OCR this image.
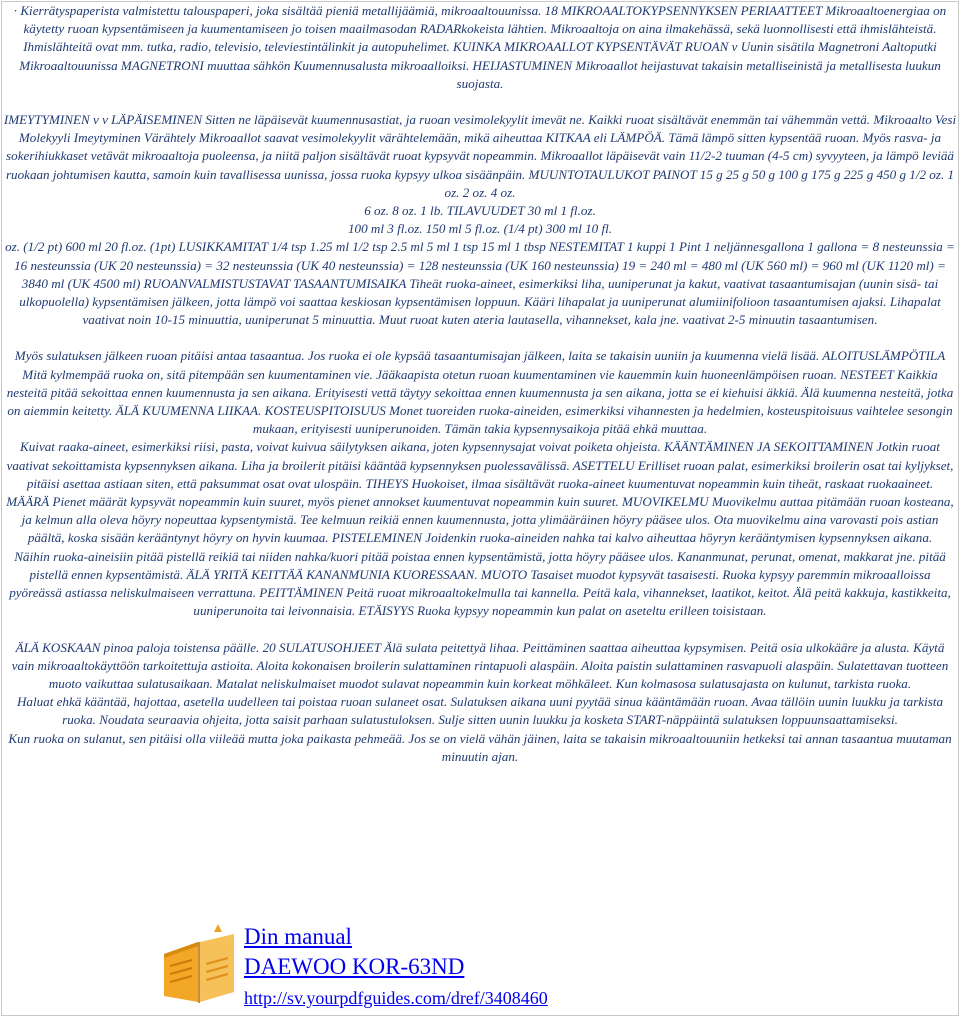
· Kierrätyspaperista valmistettu talouspaperi, joka sisältää pieniä metallijäämiä, mikroaaltouunissa. 18 MIKROAALTOKYPSENNYKSEN PERIAATTEET Mikroaaltoenergiaa on käytetty ruoan kypsentämiseen ja kuumentamiseen jo toisen maailmasodan RADARkokeista lähtien. Mikroaaltoja on aina ilmakehässä, sekä luonnollisesti että ihmislähteistä. Ihmislähteitä ovat mm. tutka, radio, televisio, televiestintälinkit ja autopuhelimet. KUINKA MIKROAALLOT KYPSENTÄVÄT RUOAN v Uunin sisätila Magnetroni Aaltoputki Mikroaaltouunissa MAGNETRONI muuttaa sähkön Kuumennusalusta mikroaalloiksi. HEIJASTUMINEN Mikroaallot heijastuvat takaisin metalliseinistä ja metallisesta luukun suojasta.

IMEYTYMINEN v v LÄPÄISEMINEN Sitten ne läpäisevät kuumennusastiat, ja ruoan vesimolekyylit imevät ne. Kaikki ruoat sisältävät enemmän tai vähemmän vettä. Mikroaalto Vesi Molekyyli Imeytyminen Värähtely Mikroaallot saavat vesimolekyylit värähtelemään, mikä aiheuttaa KITKAA eli LÄMPÖÄ. Tämä lämpö sitten kypsentää ruoan. Myös rasva- ja sokerihiukkaset vetävät mikroaaltoja puoleensa, ja niitä paljon sisältävät ruoat kypsyvät nopeammin. Mikroaallot läpäisevät vain 11/2-2 tuuman (4-5 cm) syvyyteen, ja lämpö leviää ruokaan johtumisen kautta, samoin kuin tavallisessa uunissa, jossa ruoka kypsyy ulkoa sisäänpäin. MUUNTOTAULUKOT PAINOT 15 g 25 g 50 g 100 g 175 g 225 g 450 g 1/2 oz. 1 oz. 2 oz. 4 oz.

6 oz. 8 oz. 1 lb. TILAVUUDET 30 ml 1 fl.oz.

100 ml 3 fl.oz. 150 ml 5 fl.oz. (1/4 pt) 300 ml 10 fl.

oz. (1/2 pt) 600 ml 20 fl.oz. (1pt) LUSIKKAMITAT 1/4 tsp 1.25 ml 1/2 tsp 2.5 ml 5 ml 1 tsp 15 ml 1 tbsp NESTEMITAT 1 kuppi 1 Pint 1 neljännesgallona 1 gallona = 8 nesteunssia = 16 nesteunssia (UK 20 nesteunssia) = 32 nesteunssia (UK 40 nesteunssia) = 128 nesteunssia (UK 160 nesteunssia) 19 = 240 ml = 480 ml (UK 560 ml) = 960 ml (UK 1120 ml) = 3840 ml (UK 4500 ml) RUOANVALMISTUSTAVAT TASAANTUMISAIKA Tiheät ruoka-aineet, esimerkiksi liha, uuniperunat ja kakut, vaativat tasaantumisajan (uunin sisä- tai ulkopuolella) kypsentämisen jälkeen, jotta lämpö voi saattaa keskiosan kypsentämisen loppuun. Kääri lihapalat ja uuniperunat alumiinifolioon tasaantumisen ajaksi. Lihapalat vaativat noin 10-15 minuuttia, uuniperunat 5 minuuttia. Muut ruoat kuten ateria lautasella, vihannekset, kala jne. vaativat 2-5 minuutin tasaantumisen.

Myös sulatuksen jälkeen ruoan pitäisi antaa tasaantua. Jos ruoka ei ole kypsää tasaantumisajan jälkeen, laita se takaisin uuniin ja kuumenna vielä lisää. ALOITUSLÄMPÖTILA Mitä kylmempää ruoka on, sitä pitempään sen kuumentaminen vie. Jääkaapista otetun ruoan kuumentaminen vie kauemmin kuin huoneenlämpöisen ruoan. NESTEET Kaikkia nesteitä pitää sekoittaa ennen kuumennusta ja sen aikana. Erityisesti vettä täytyy sekoittaa ennen kuumennusta ja sen aikana, jotta se ei kiehuisi äkkiä. Älä kuumenna nesteitä, jotka on aiemmin keitetty. ÄLÄ KUUMENNA LIIKAA. KOSTEUSPITOISUUS Monet tuoreiden ruoka-aineiden, esimerkiksi vihannesten ja hedelmien, kosteuspitoisuus vaihtelee sesongin mukaan, erityisesti uuniperunoiden. Tämän takia kypsennysaikoja pitää ehkä muuttaa.

Kuivat raaka-aineet, esimerkiksi riisi, pasta, voivat kuivua säilytyksen aikana, joten kypsennysajat voivat poiketa ohjeista. KÄÄNTÄMINEN JA SEKOITTAMINEN Jotkin ruoat vaativat sekoittamista kypsennyksen aikana. Liha ja broilerit pitäisi kääntää kypsennyksen puolessavälissä. ASETTELU Erilliset ruoan palat, esimerkiksi broilerin osat tai kyljykset, pitäisi asettaa astiaan siten, että paksummat osat ovat ulospäin. TIHEYS Huokoiset, ilmaa sisältävät ruoka-aineet kuumentuvat nopeammin kuin tiheät, raskaat ruokaaineet.

MÄÄRÄ Pienet määrät kypsyvät nopeammin kuin suuret, myös pienet annokset kuumentuvat nopeammin kuin suuret. MUOVIKELMU Muovikelmu auttaa pitämään ruoan kosteana, ja kelmun alla oleva höyry nopeuttaa kypsentymistä. Tee kelmuun reikiä ennen kuumennusta, jotta ylimääräinen höyry pääsee ulos. Ota muovikelmu aina varovasti pois astian päältä, koska sisään kerääntynyt höyry on hyvin kuumaa. PISTELEMINEN Joidenkin ruoka-aineiden nahka tai kalvo aiheuttaa höyryn kerääntymisen kypsennyksen aikana.

Näihin ruoka-aineisiin pitää pistellä reikiä tai niiden nahka/kuori pitää poistaa ennen kypsentämistä, jotta höyry pääsee ulos. Kananmunat, perunat, omenat, makkarat jne. pitää pistellä ennen kypsentämistä. ÄLÄ YRITÄ KEITTÄÄ KANANMUNIA KUORESSAAN. MUOTO Tasaiset muodot kypsyvät tasaisesti. Ruoka kypsyy paremmin mikroaalloissa pyöreässä astiassa neliskulmaiseen verrattuna. PEITTÄMINEN Peitä ruoat mikroaaltokelmulla tai kannella. Peitä kala, vihannekset, laatikot, keitot. Älä peitä kakkuja, kastikkeita, uuniperunoita tai leivonnaisia. ETÄISYYS Ruoka kypsyy nopeammin kun palat on aseteltu erilleen toisistaan.

ÄLÄ KOSKAAN pinoa paloja toistensa päälle. 20 SULATUSOHJEET Älä sulata peitettyä lihaa. Peittäminen saattaa aiheuttaa kypsymisen. Peitä osia ulkokääre ja alusta. Käytä vain mikroaaltokäyttöön tarkoitettuja astioita. Aloita kokonaisen broilerin sulattaminen rintapuoli alaspäin. Aloita paistin sulattaminen rasvapuoli alaspäin. Sulatettavan tuotteen muoto vaikuttaa sulatusaikaan. Matalat neliskulmaiset muodot sulavat nopeammin kuin korkeat möhkäleet. Kun kolmasosa sulatusajasta on kulunut, tarkista ruoka.

Haluat ehkä kääntää, hajottaa, asetella uudelleen tai poistaa ruoan sulaneet osat. Sulatuksen aikana uuni pyytää sinua kääntämään ruoan. Avaa tällöin uunin luukku ja tarkista ruoka. Noudata seuraavia ohjeita, jotta saisit parhaan sulatustuloksen. Sulje sitten uunin luukku ja kosketa START-näppäintä sulatuksen loppuunsaattamiseksi.

Kun ruoka on sulanut, sen pitäisi olla viileää mutta joka paikasta pehmeää. Jos se on vielä vähän jäinen, laita se takaisin mikroaaltouuniin hetkeksi tai annan tasaantua muutaman minuutin ajan.

Din manual
DAEWOO KOR-63ND
http://sv.yourpdfguides.com/dref/3408460
